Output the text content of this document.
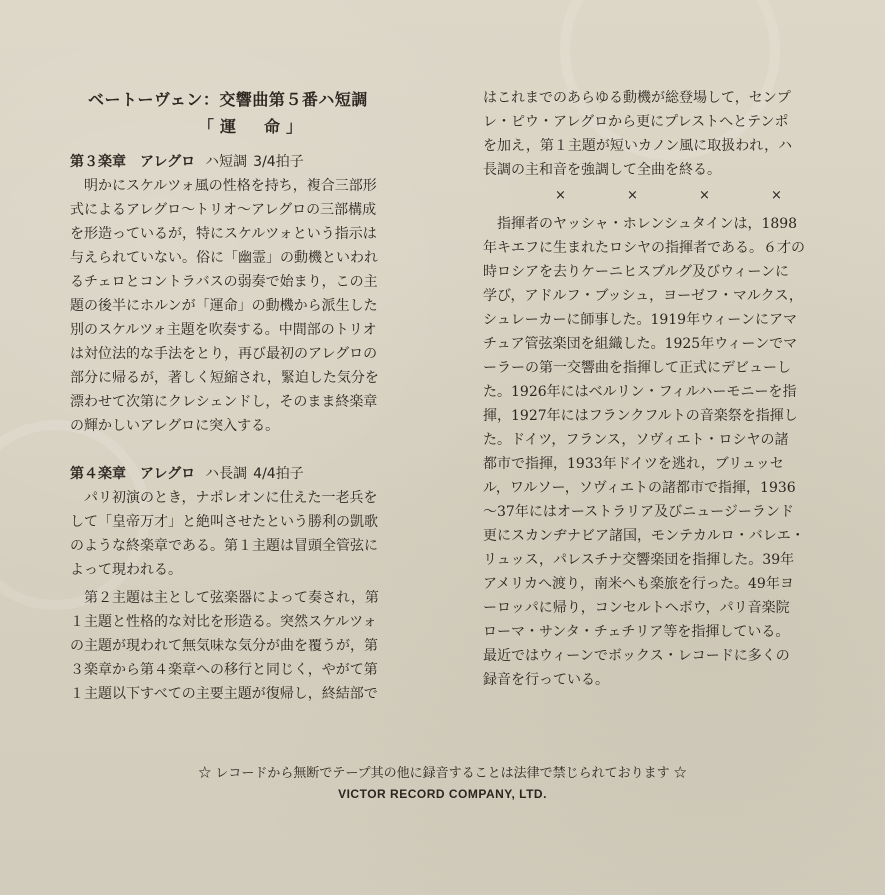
ベートーヴェン：交響曲第５番ハ短調
「運　命」
第３楽章　アレグロ ハ短調 3/4拍子
　明かにスケルツォ風の性格を持ち，複合三部形
式によるアレグロ～トリオ～アレグロの三部構成
を形造っているが，特にスケルツォという指示は
与えられていない。俗に「幽霊」の動機といわれ
るチェロとコントラバスの弱奏で始まり，この主
題の後半にホルンが「運命」の動機から派生した
別のスケルツォ主題を吹奏する。中間部のトリオ
は対位法的な手法をとり，再び最初のアレグロの
部分に帰るが，著しく短縮され，緊迫した気分を
漂わせて次第にクレシェンドし，そのまま終楽章
の輝かしいアレグロに突入する。
第４楽章　アレグロ ハ長調 4/4拍子
　パリ初演のとき，ナポレオンに仕えた一老兵を
して「皇帝万才」と絶叫させたという勝利の凱歌
のような終楽章である。第１主題は冒頭全管弦に
よって現われる。
　第２主題は主として弦楽器によって奏され，第
１主題と性格的な対比を形造る。突然スケルツォ
の主題が現われて無気味な気分が曲を覆うが，第
３楽章から第４楽章への移行と同じく，やがて第
１主題以下すべての主要主題が復帰し，終結部で
はこれまでのあらゆる動機が総登場して，センプ
レ・ピウ・アレグロから更にプレストへとテンポ
を加え，第１主題が短いカノン風に取扱われ，ハ
長調の主和音を強調して全曲を終る。
×	×	×	×
　指揮者のヤッシャ・ホレンシュタインは，1898
年キエフに生まれたロシヤの指揮者である。６才の
時ロシアを去りケーニヒスブルグ及びウィーンに
学び，アドルフ・ブッシュ，ヨーゼフ・マルクス，
シュレーカーに師事した。1919年ウィーンにアマ
チュア管弦楽団を組織した。1925年ウィーンでマ
ーラーの第一交響曲を指揮して正式にデビューし
た。1926年にはベルリン・フィルハーモニーを指
揮，1927年にはフランクフルトの音楽祭を指揮し
た。ドイツ，フランス，ソヴィエト・ロシヤの諸
都市で指揮，1933年ドイツを逃れ，ブリュッセ
ル，ワルソー，ソヴィエトの諸都市で指揮，1936
～37年にはオーストラリア及びニュージーランド
更にスカンヂナビア諸国，モンテカルロ・バレエ・
リュッス，パレスチナ交響楽団を指揮した。39年
アメリカへ渡り，南米へも楽旅を行った。49年ヨ
ーロッパに帰り，コンセルトヘボウ，パリ音楽院
ローマ・サンタ・チェチリア等を指揮している。
最近ではウィーンでボックス・レコードに多くの
録音を行っている。
☆ レコードから無断でテープ其の他に録音することは法律で禁じられております ☆
VICTOR RECORD COMPANY, LTD.
